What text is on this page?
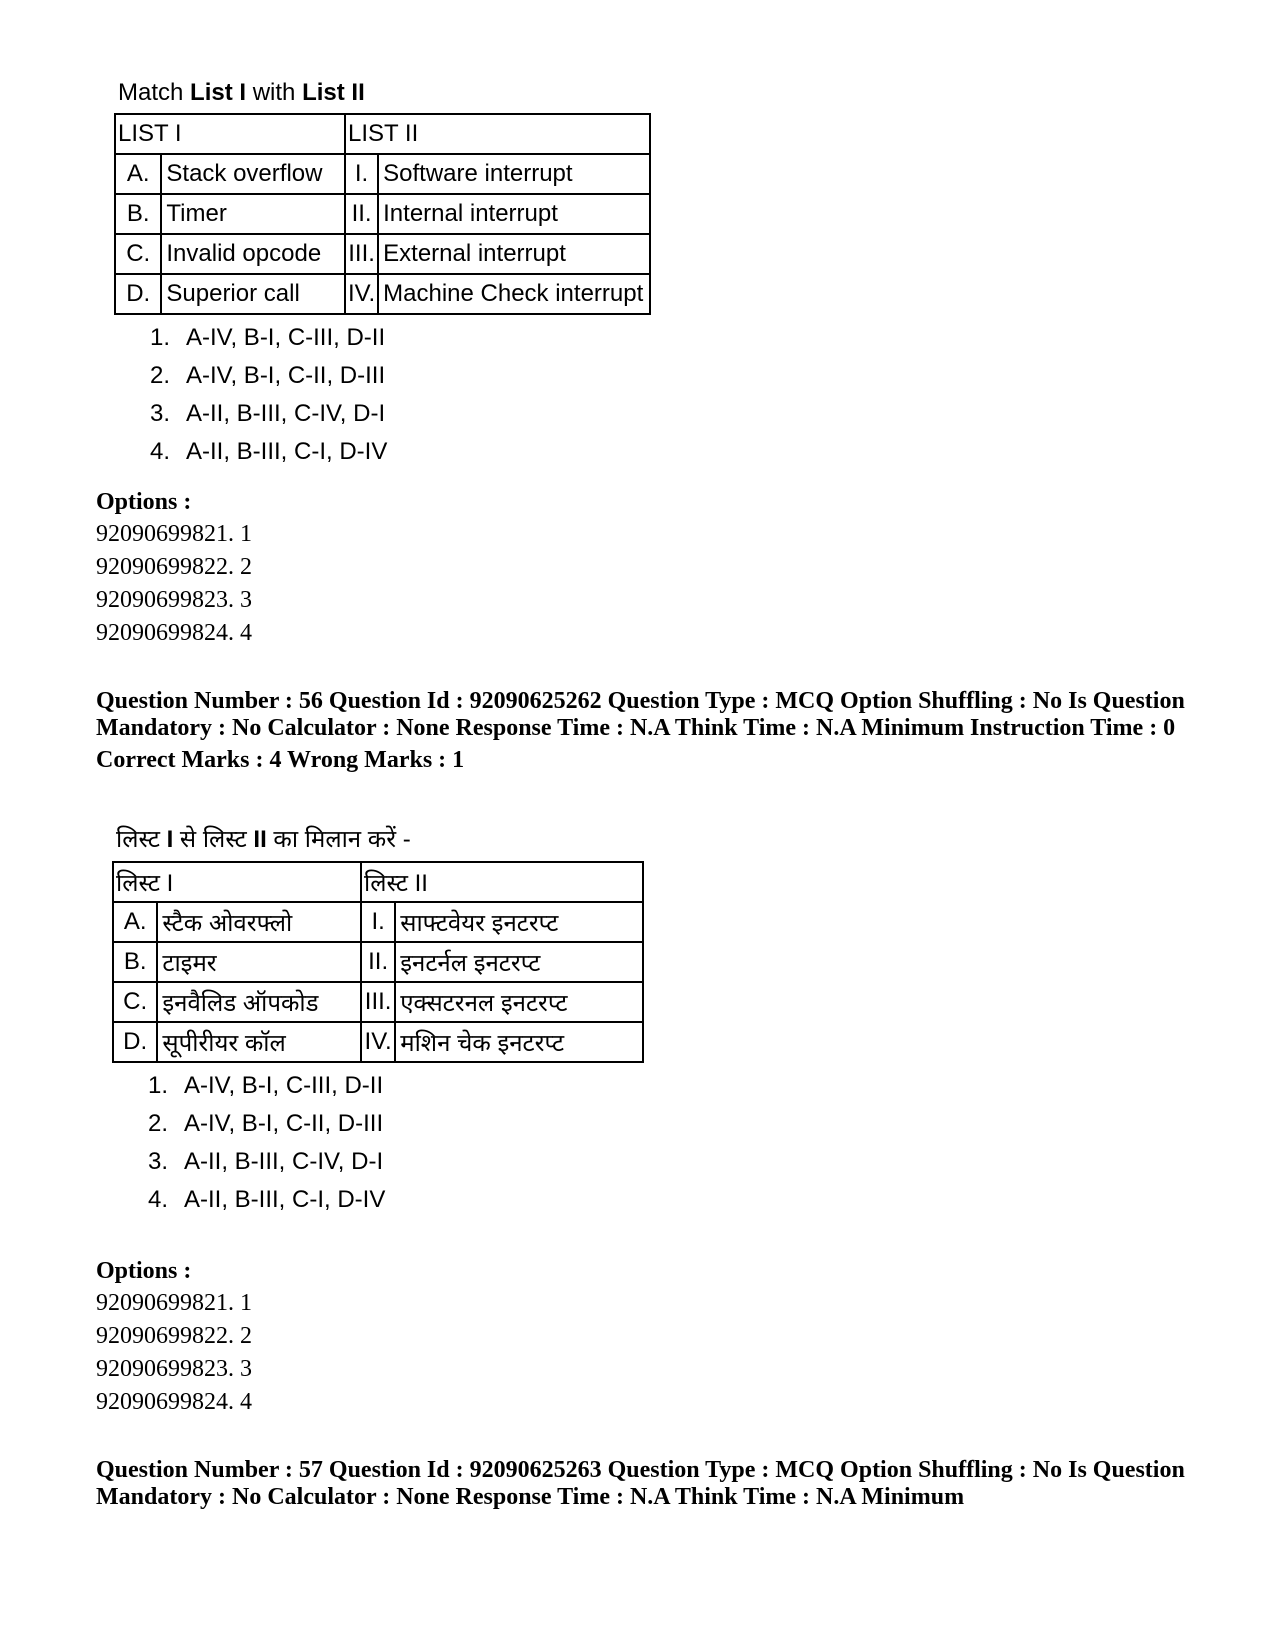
Match List I with List II
LIST I		LIST II	
A.	Stack overflow	I.	Software interrupt
B.	Timer	II.	Internal interrupt
C.	Invalid opcode	III.	External interrupt
D.	Superior call	IV.	Machine Check interrupt
1. A-IV, B-I, C-III, D-II
2. A-IV, B-I, C-II, D-III
3. A-II, B-III, C-IV, D-I
4. A-II, B-III, C-I, D-IV
Options :
92090699821. 1
92090699822. 2
92090699823. 3
92090699824. 4
Question Number : 56 Question Id : 92090625262 Question Type : MCQ Option Shuffling : No Is Question Mandatory : No Calculator : None Response Time : N.A Think Time : N.A Minimum Instruction Time : 0
Correct Marks : 4 Wrong Marks : 1
लिस्ट I से लिस्ट II का मिलान करें -
लिस्ट I		लिस्ट II	
A.	स्टैक ओवरफ्लो	I.	साफ्टवेयर इनटरप्ट
B.	टाइमर	II.	इनटर्नल इनटरप्ट
C.	इनवैलिड ऑपकोड	III.	एक्सटरनल इनटरप्ट
D.	सूपीरीयर कॉल	IV.	मशिन चेक इनटरप्ट
1. A-IV, B-I, C-III, D-II
2. A-IV, B-I, C-II, D-III
3. A-II, B-III, C-IV, D-I
4. A-II, B-III, C-I, D-IV
Options :
92090699821. 1
92090699822. 2
92090699823. 3
92090699824. 4
Question Number : 57 Question Id : 92090625263 Question Type : MCQ Option Shuffling : No Is Question Mandatory : No Calculator : None Response Time : N.A Think Time : N.A Minimum
